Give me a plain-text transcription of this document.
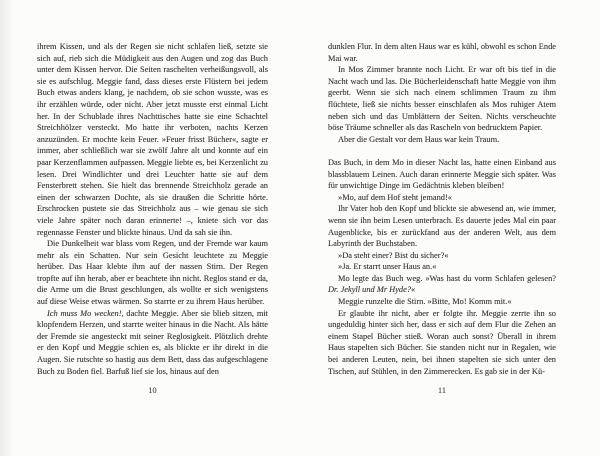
ihrem Kissen, und als der Regen sie nicht schlafen ließ, setzte sie sich auf, rieb sich die Müdigkeit aus den Augen und zog das Buch unter dem Kissen hervor. Die Seiten raschelten verheißungsvoll, als sie es aufschlug. Meggie fand, dass dieses erste Flüstern bei jedem Buch etwas anders klang, je nachdem, ob sie schon wusste, was es ihr erzählen würde, oder nicht. Aber jetzt musste erst einmal Licht her. In der Schublade ihres Nachttisches hatte sie eine Schachtel Streichhölzer versteckt. Mo hatte ihr verboten, nachts Kerzen anzuzünden. Er mochte kein Feuer. »Feuer frisst Bücher«, sagte er immer, aber schließlich war sie zwölf Jahre alt und konnte auf ein paar Kerzenflammen aufpassen. Meggie liebte es, bei Kerzenlicht zu lesen. Drei Windlichter und drei Leuchter hatte sie auf dem Fensterbrett stehen. Sie hielt das brennende Streichholz gerade an einen der schwarzen Dochte, als sie draußen die Schritte hörte. Erschrocken pustete sie das Streichholz aus – wie genau sie sich viele Jahre später noch daran erinnerte! –, kniete sich vor das regennasse Fenster und blickte hinaus. Und da sah sie ihn.

Die Dunkelheit war blass vom Regen, und der Fremde war kaum mehr als ein Schatten. Nur sein Gesicht leuchtete zu Meggie herüber. Das Haar klebte ihm auf der nassen Stirn. Der Regen tropfte auf ihn herab, aber er beachtete ihn nicht. Reglos stand er da, die Arme um die Brust geschlungen, als wollte er sich wenigstens auf diese Weise etwas wärmen. So starrte er zu ihrem Haus herüber.

Ich muss Mo wecken!, dachte Meggie. Aber sie blieb sitzen, mit klopfendem Herzen, und starrte weiter hinaus in die Nacht. Als hätte der Fremde sie angesteckt mit seiner Reglosigkeit. Plötzlich drehte er den Kopf und Meggie schien es, als blickte er ihr direkt in die Augen. Sie rutschte so hastig aus dem Bett, dass das aufgeschlagene Buch zu Boden fiel. Barfuß lief sie los, hinaus auf den

dunklen Flur. In dem alten Haus war es kühl, obwohl es schon Ende Mai war.

In Mos Zimmer brannte noch Licht. Er war oft bis tief in die Nacht wach und las. Die Bücherleidenschaft hatte Meggie von ihm geerbt. Wenn sie sich nach einem schlimmen Traum zu ihm flüchtete, ließ sie nichts besser einschlafen als Mos ruhiger Atem neben sich und das Umblättern der Seiten. Nichts verscheuchte böse Träume schneller als das Rascheln von bedrucktem Papier.

Aber die Gestalt vor dem Haus war kein Traum.

Das Buch, in dem Mo in dieser Nacht las, hatte einen Einband aus blassblauem Leinen. Auch daran erinnerte Meggie sich später. Was für unwichtige Dinge im Gedächtnis kleben bleiben!

»Mo, auf dem Hof steht jemand!«

Ihr Vater hob den Kopf und blickte sie abwesend an, wie immer, wenn sie ihn beim Lesen unterbrach. Es dauerte jedes Mal ein paar Augenblicke, bis er zurückfand aus der anderen Welt, aus dem Labyrinth der Buchstaben.

»Da steht einer? Bist du sicher?«

»Ja. Er starrt unser Haus an.«

Mo legte das Buch weg. »Was hast du vorm Schlafen gelesen? Dr. Jekyll und Mr Hyde?«

Meggie runzelte die Stirn. »Bitte, Mo! Komm mit.«

Er glaubte ihr nicht, aber er folgte ihr. Meggie zerrte ihn so ungeduldig hinter sich her, dass er sich auf dem Flur die Zehen an einem Stapel Bücher stieß. Woran auch sonst? Überall in ihrem Haus stapelten sich Bücher. Sie standen nicht nur in Regalen, wie bei anderen Leuten, nein, bei ihnen stapelten sie sich unter den Tischen, auf Stühlen, in den Zimmerecken. Es gab sie in der Kü-

10	11
